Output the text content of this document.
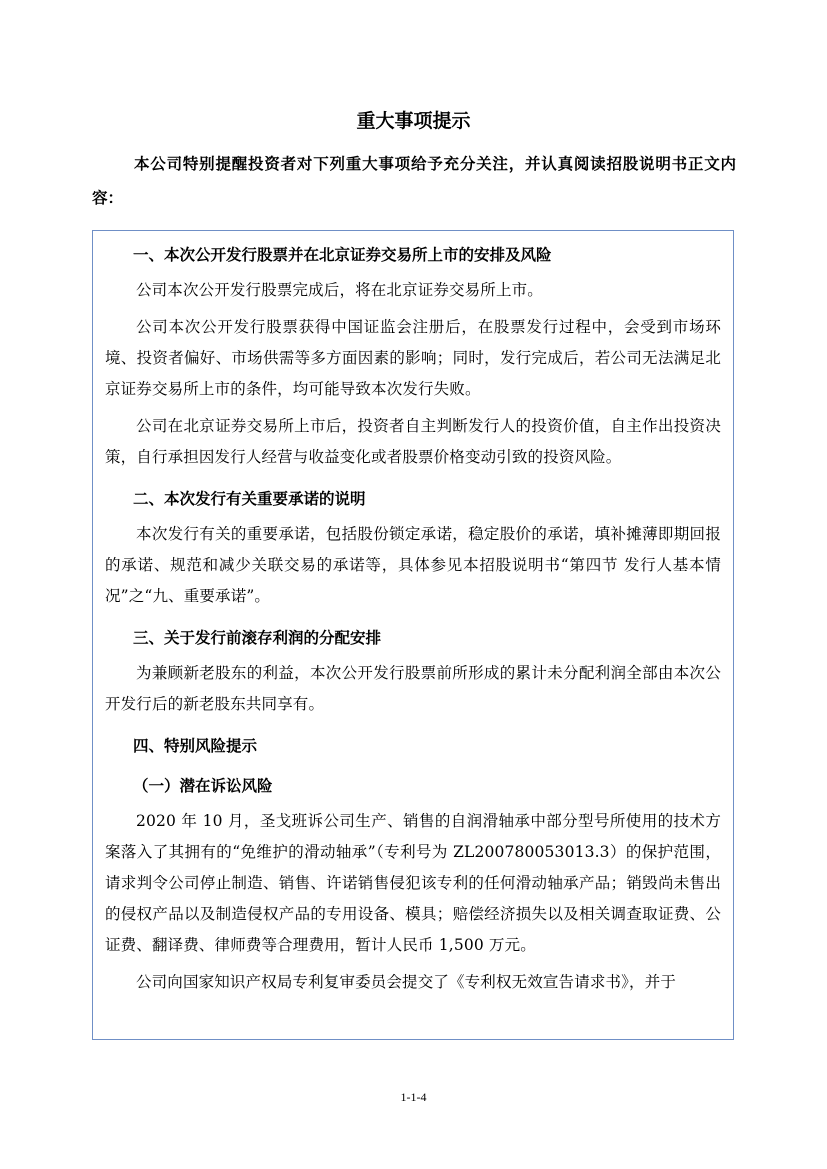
重大事项提示

本公司特别提醒投资者对下列重大事项给予充分关注，并认真阅读招股说明书正文内容：

一、本次公开发行股票并在北京证券交易所上市的安排及风险

公司本次公开发行股票完成后，将在北京证券交易所上市。

公司本次公开发行股票获得中国证监会注册后，在股票发行过程中，会受到市场环境、投资者偏好、市场供需等多方面因素的影响；同时，发行完成后，若公司无法满足北京证券交易所上市的条件，均可能导致本次发行失败。

公司在北京证券交易所上市后，投资者自主判断发行人的投资价值，自主作出投资决策，自行承担因发行人经营与收益变化或者股票价格变动引致的投资风险。

二、本次发行有关重要承诺的说明

本次发行有关的重要承诺，包括股份锁定承诺，稳定股价的承诺，填补摊薄即期回报的承诺、规范和减少关联交易的承诺等，具体参见本招股说明书“第四节 发行人基本情况”之“九、重要承诺”。

三、关于发行前滚存利润的分配安排

为兼顾新老股东的利益，本次公开发行股票前所形成的累计未分配利润全部由本次公开发行后的新老股东共同享有。

四、特别风险提示

（一）潜在诉讼风险

2020 年 10 月，圣戈班诉公司生产、销售的自润滑轴承中部分型号所使用的技术方案落入了其拥有的“免维护的滑动轴承”（专利号为 ZL200780053013.3）的保护范围，请求判令公司停止制造、销售、许诺销售侵犯该专利的任何滑动轴承产品；销毁尚未售出的侵权产品以及制造侵权产品的专用设备、模具；赔偿经济损失以及相关调查取证费、公证费、翻译费、律师费等合理费用，暂计人民币 1,500 万元。

公司向国家知识产权局专利复审委员会提交了《专利权无效宣告请求书》，并于

1-1-4
